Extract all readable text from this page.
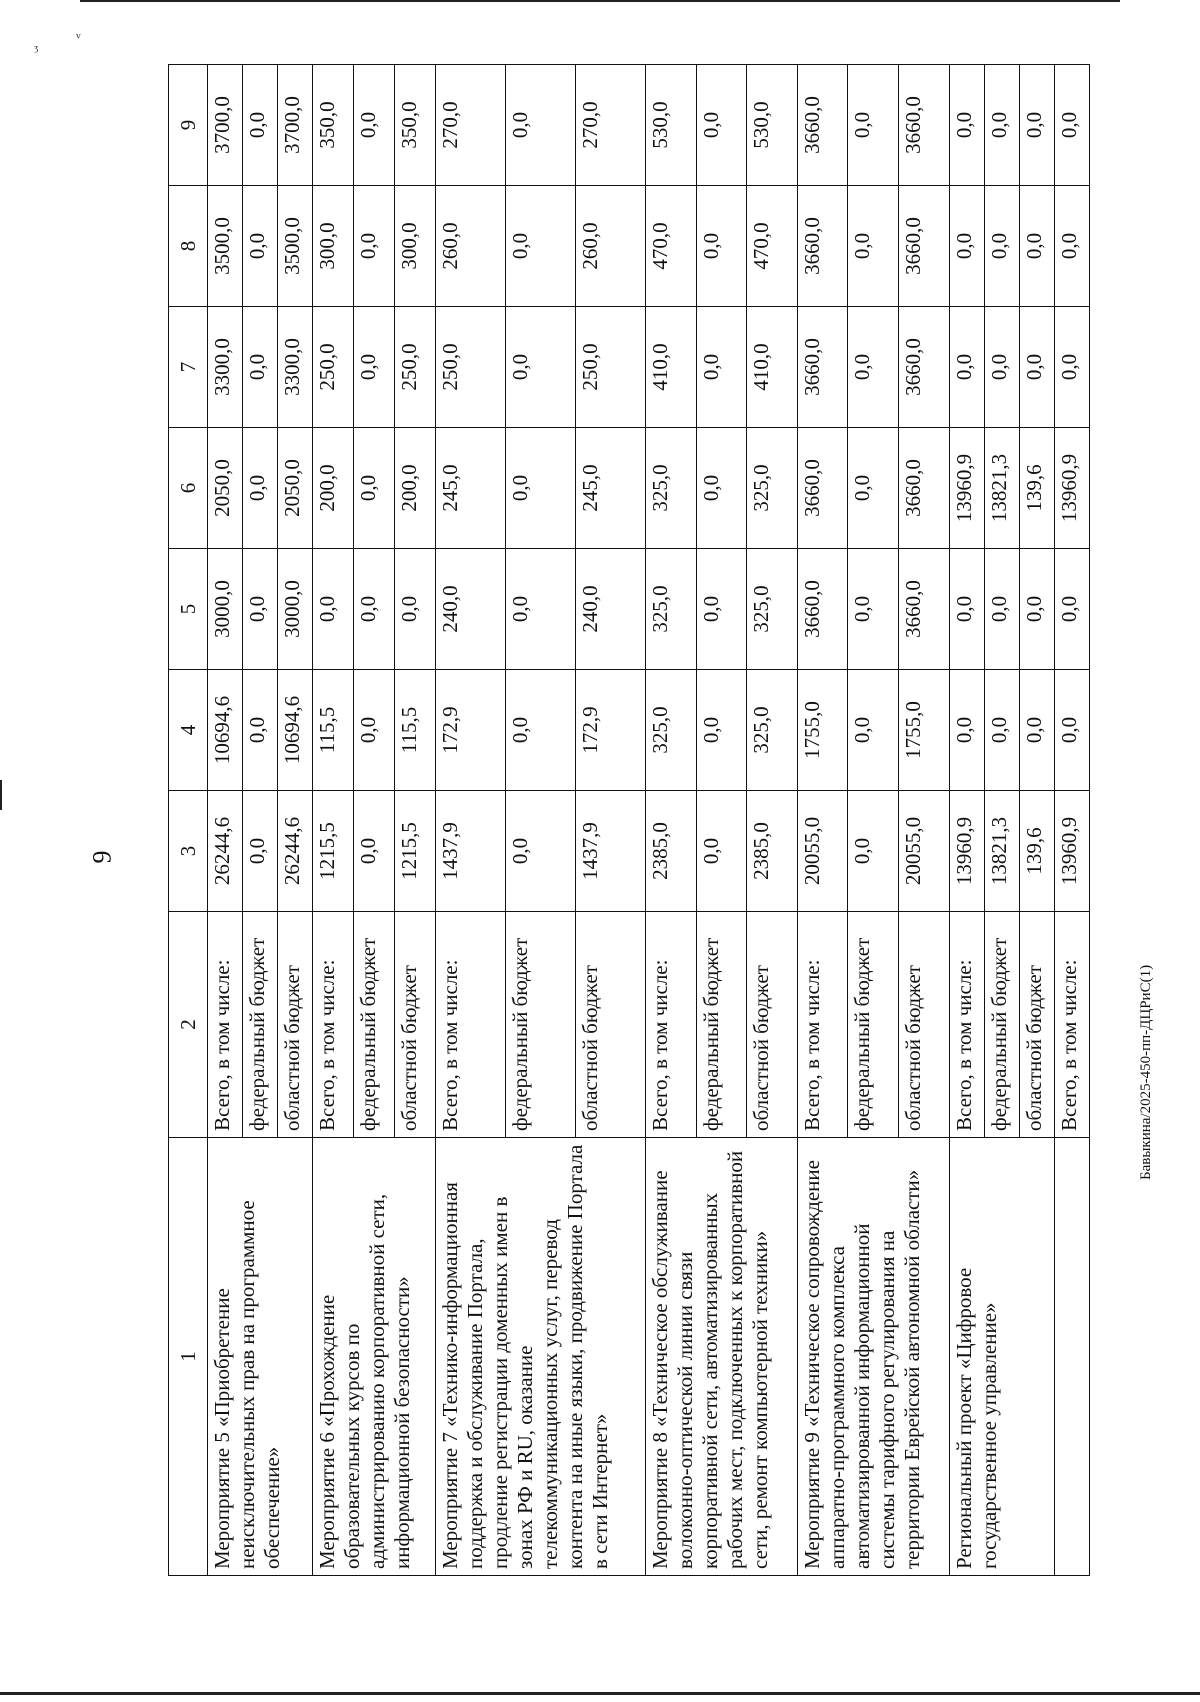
ᶾ
ᵛ
9
Бавыкина/2025-450-пп-ДЦРиС(1)
1	2	3	4	5	6	7	8	9
Мероприятие 5 «Приобретение неисключительных прав на программное обеспечение»	Всего, в том числе:	26244,6	10694,6	3000,0	2050,0	3300,0	3500,0	3700,0
	федеральный бюджет	0,0	0,0	0,0	0,0	0,0	0,0	0,0
	областной бюджет	26244,6	10694,6	3000,0	2050,0	3300,0	3500,0	3700,0
Мероприятие 6 «Прохождение образовательных курсов по администрированию корпоративной сети, информационной безопасности»	Всего, в том числе:	1215,5	115,5	0,0	200,0	250,0	300,0	350,0
	федеральный бюджет	0,0	0,0	0,0	0,0	0,0	0,0	0,0
	областной бюджет	1215,5	115,5	0,0	200,0	250,0	300,0	350,0
Мероприятие 7 «Технико-информационная поддержка и обслуживание Портала, продление регистрации доменных имен в зонах РФ и RU, оказание телекоммуникационных услуг, перевод контента на иные языки, продвижение Портала в сети Интернет»	Всего, в том числе:	1437,9	172,9	240,0	245,0	250,0	260,0	270,0
	федеральный бюджет	0,0	0,0	0,0	0,0	0,0	0,0	0,0
	областной бюджет	1437,9	172,9	240,0	245,0	250,0	260,0	270,0
Мероприятие 8 «Техническое обслуживание волоконно-оптической линии связи корпоративной сети, автоматизированных рабочих мест, подключенных к корпоративной сети, ремонт компьютерной техники»	Всего, в том числе:	2385,0	325,0	325,0	325,0	410,0	470,0	530,0
	федеральный бюджет	0,0	0,0	0,0	0,0	0,0	0,0	0,0
	областной бюджет	2385,0	325,0	325,0	325,0	410,0	470,0	530,0
Мероприятие 9 «Техническое сопровождение аппаратно-программного комплекса автоматизированной информационной системы тарифного регулирования на территории Еврейской автономной области»	Всего, в том числе:	20055,0	1755,0	3660,0	3660,0	3660,0	3660,0	3660,0
	федеральный бюджет	0,0	0,0	0,0	0,0	0,0	0,0	0,0
	областной бюджет	20055,0	1755,0	3660,0	3660,0	3660,0	3660,0	3660,0
Региональный проект «Цифровое государственное управление»	Всего, в том числе:	13960,9	0,0	0,0	13960,9	0,0	0,0	0,0
	федеральный бюджет	13821,3	0,0	0,0	13821,3	0,0	0,0	0,0
	областной бюджет	139,6	0,0	0,0	139,6	0,0	0,0	0,0
	Всего, в том числе:	13960,9	0,0	0,0	13960,9	0,0	0,0	0,0
